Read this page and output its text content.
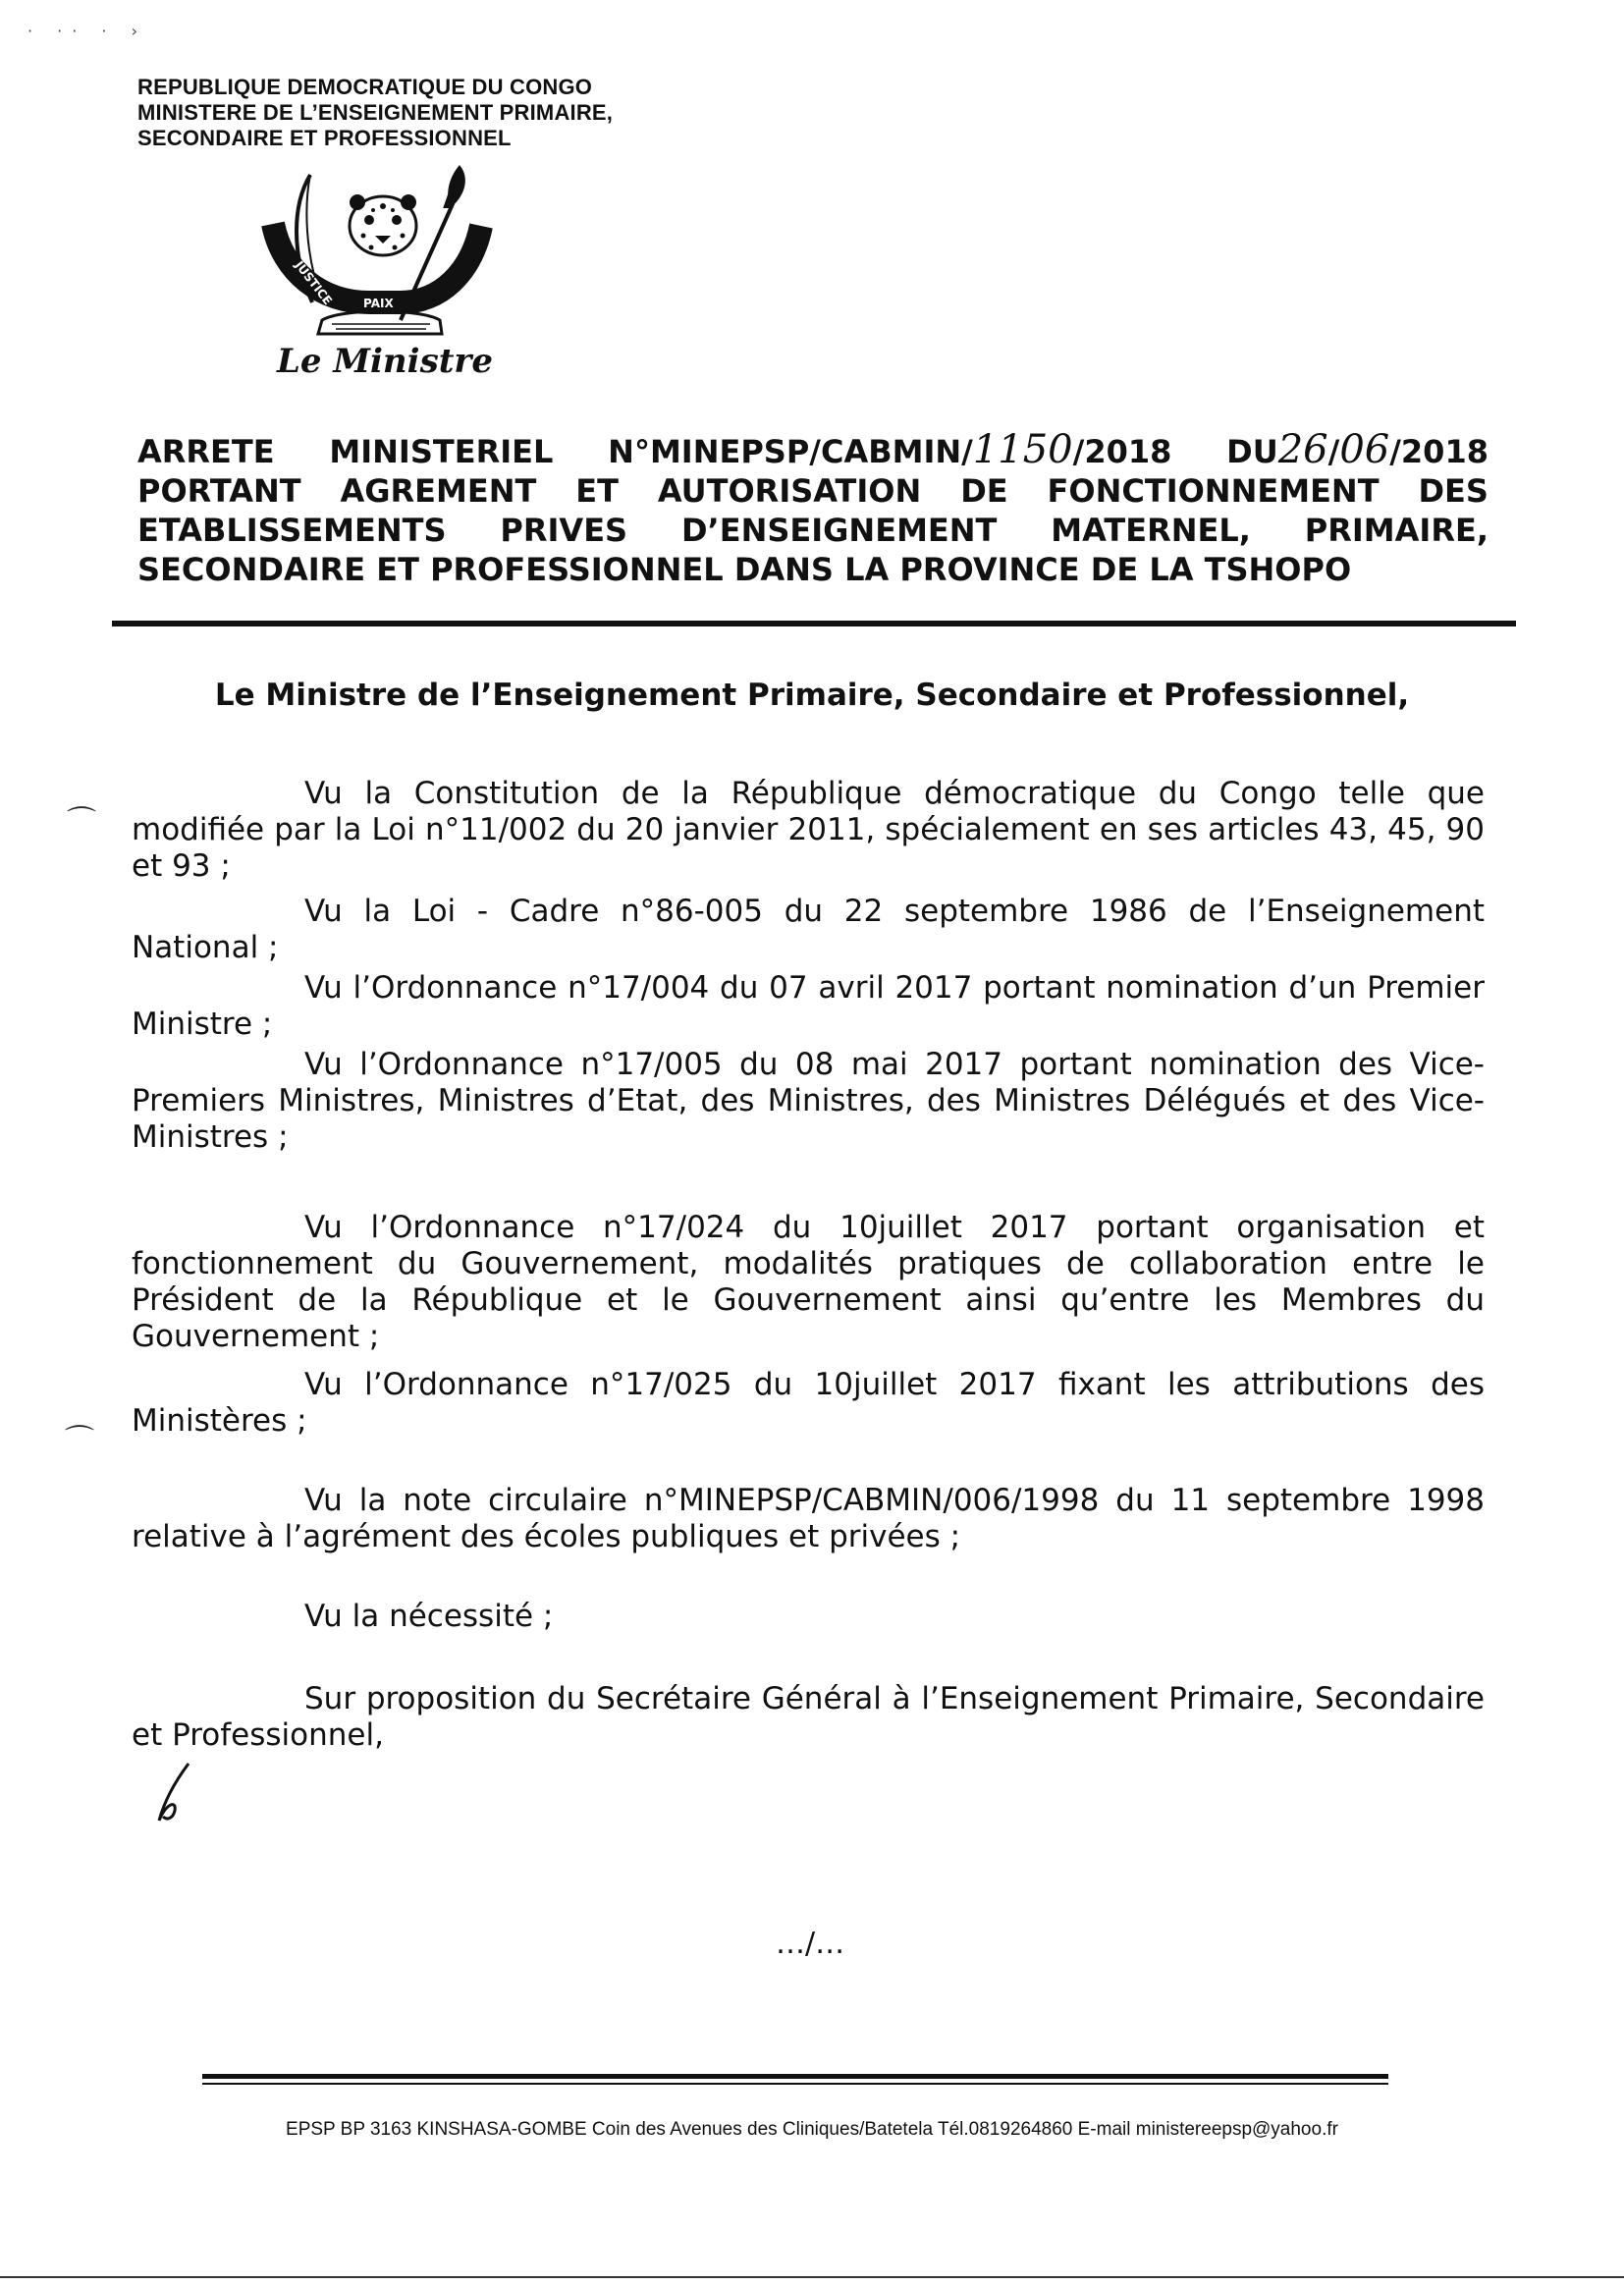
· ·· · ›
REPUBLIQUE DEMOCRATIQUE DU CONGO
MINISTERE DE L’ENSEIGNEMENT PRIMAIRE,
SECONDAIRE ET PROFESSIONNEL
JUSTICE PAIX
TRAVAIL
Le Ministre
ARRETE MINISTERIEL N°MINEPSP/CABMIN/1150/2018 DU26/06/2018
PORTANT AGREMENT ET AUTORISATION DE FONCTIONNEMENT DES
ETABLISSEMENTS PRIVES D’ENSEIGNEMENT MATERNEL, PRIMAIRE,
SECONDAIRE ET PROFESSIONNEL DANS LA PROVINCE DE LA TSHOPO
Le Ministre de l’Enseignement Primaire, Secondaire et Professionnel,
⌒
⌒
Vu la Constitution de la République démocratique du Congo telle que modifiée par la Loi n°11/002 du 20 janvier 2011, spécialement en ses articles 43, 45, 90 et 93 ;
Vu la Loi - Cadre n°86-005 du 22 septembre 1986 de l’Enseignement National ;
Vu l’Ordonnance n°17/004 du 07 avril 2017 portant nomination d’un Premier Ministre ;
Vu l’Ordonnance n°17/005 du 08 mai 2017 portant nomination des Vice-Premiers Ministres, Ministres d’Etat, des Ministres, des Ministres Délégués et des Vice-Ministres ;
Vu l’Ordonnance n°17/024 du 10juillet 2017 portant organisation et fonctionnement du Gouvernement, modalités pratiques de collaboration entre le Président de la République et le Gouvernement ainsi qu’entre les Membres du Gouvernement ;
Vu l’Ordonnance n°17/025 du 10juillet 2017 fixant les attributions des Ministères ;
Vu la note circulaire n°MINEPSP/CABMIN/006/1998 du 11 septembre 1998 relative à l’agrément des écoles publiques et privées ;
Vu la nécessité ;
Sur proposition du Secrétaire Général à l’Enseignement Primaire, Secondaire et Professionnel,
…/…
EPSP BP 3163 KINSHASA-GOMBE Coin des Avenues des Cliniques/Batetela Tél.0819264860 E-mail ministereepsp@yahoo.fr
